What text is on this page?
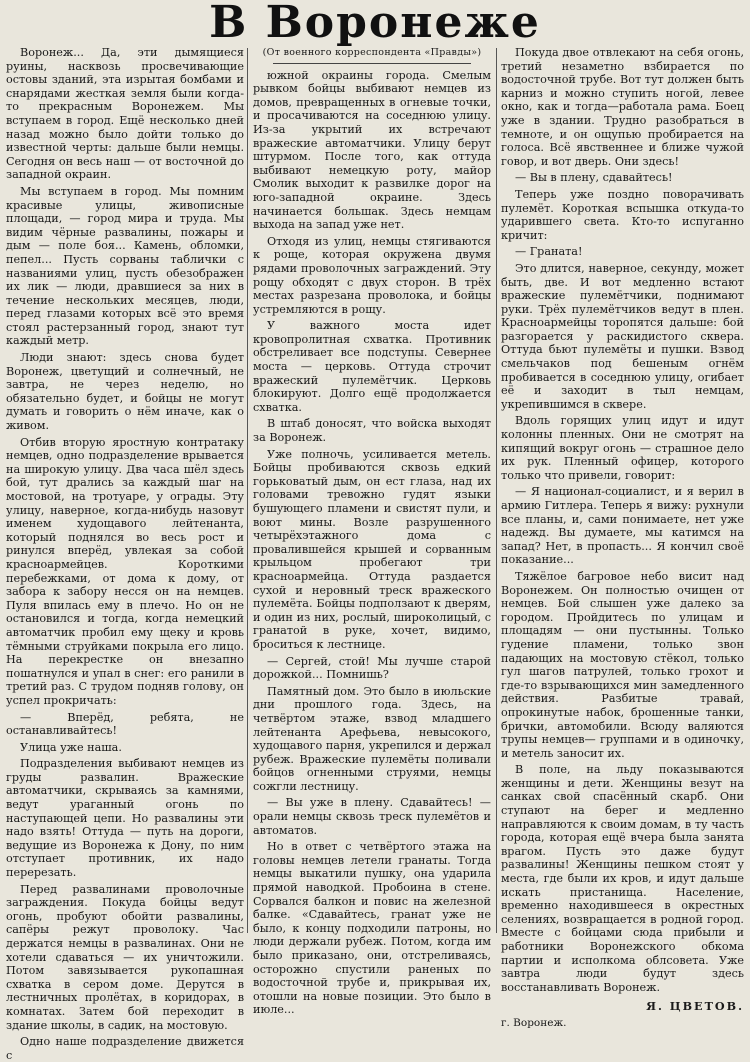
В Воронеже

Воронеж... Да, эти дымящиеся руины, насквозь просвечивающие остовы зданий, эта изрытая бомбами и снарядами жесткая земля были когда-то прекрасным Воронежем. Мы вступаем в город. Ещё несколько дней назад можно было дойти только до известной черты: дальше были немцы. Сегодня он весь наш — от восточной до западной окраин.

Мы вступаем в город. Мы помним красивые улицы, живописные площади, — город мира и труда. Мы видим чёрные развалины, пожары и дым — поле боя... Камень, обломки, пепел... Пусть сорваны таблички с названиями улиц, пусть обезображен их лик — люди, дравшиеся за них в течение нескольких месяцев, люди, перед глазами которых всё это время стоял растерзанный город, знают тут каждый метр.

Люди знают: здесь снова будет Воронеж, цветущий и солнечный, не завтра, не через неделю, но обязательно будет, и бойцы не могут думать и говорить о нём иначе, как о живом.

Отбив вторую яростную контратаку немцев, одно подразделение врывается на широкую улицу. Два часа шёл здесь бой, тут дрались за каждый шаг на мостовой, на тротуаре, у ограды. Эту улицу, наверное, когда-нибудь назовут именем худощавого лейтенанта, который поднялся во весь рост и ринулся вперёд, увлекая за собой красноармейцев. Короткими перебежками, от дома к дому, от забора к забору несся он на немцев. Пуля впилась ему в плечо. Но он не остановился и тогда, когда немецкий автоматчик пробил ему щеку и кровь тёмными струйками покрыла его лицо. На перекрестке он внезапно пошатнулся и упал в снег: его ранили в третий раз. С трудом подняв голову, он успел прокричать:

— Вперёд, ребята, не останавливайтесь!

Улица уже наша.

Подразделения выбивают немцев из груды развалин. Вражеские автоматчики, скрываясь за камнями, ведут ураганный огонь по наступающей цепи. Но развалины эти надо взять! Оттуда — путь на дороги, ведущие из Воронежа к Дону, по ним отступает противник, их надо перерезать.

Перед развалинами проволочные заграждения. Покуда бойцы ведут огонь, пробуют обойти развалины, сапёры режут проволоку. Час держатся немцы в развалинах. Они не хотели сдаваться — их уничтожили. Потом завязывается рукопашная схватка в сером доме. Дерутся в лестничных пролётах, в коридорах, в комнатах. Затем бой переходит в здание школы, в садик, на мостовую.

Одно наше подразделение движется с

(От военного корреспондента «Правды»)

южной окраины города. Смелым рывком бойцы выбивают немцев из домов, превращенных в огневые точки, и просачиваются на соседнюю улицу. Из-за укрытий их встречают вражеские автоматчики. Улицу берут штурмом. После того, как оттуда выбивают немецкую роту, майор Смолик выходит к развилке дорог на юго-западной окраине. Здесь начинается большак. Здесь немцам выхода на запад уже нет.

Отходя из улиц, немцы стягиваются к роще, которая окружена двумя рядами проволочных заграждений. Эту рощу обходят с двух сторон. В трёх местах разрезана проволока, и бойцы устремляются в рощу.

У важного моста идет кровопролитная схватка. Противник обстреливает все подступы. Севернее моста — церковь. Оттуда строчит вражеский пулемётчик. Церковь блокируют. Долго ещё продолжается схватка.

В штаб доносят, что войска выходят за Воронеж.

Уже полночь, усиливается метель. Бойцы пробиваются сквозь едкий горьковатый дым, он ест глаза, над их головами тревожно гудят языки бушующего пламени и свистят пули, и воют мины. Возле разрушенного четырёхэтажного дома с провалившейся крышей и сорванным крыльцом пробегают три красноармейца. Оттуда раздается сухой и неровный треск вражеского пулемёта. Бойцы подползают к дверям, и один из них, рослый, широколицый, с гранатой в руке, хочет, видимо, броситься к лестнице.

— Сергей, стой! Мы лучше старой дорожкой... Помнишь?

Памятный дом. Это было в июльские дни прошлого года. Здесь, на четвёртом этаже, взвод младшего лейтенанта Арефьева, невысокого, худощавого парня, укрепился и держал рубеж. Вражеские пулемёты поливали бойцов огненными струями, немцы сожгли лестницу.

— Вы уже в плену. Сдавайтесь! — орали немцы сквозь треск пулемётов и автоматов.

Но в ответ с четвёртого этажа на головы немцев летели гранаты. Тогда немцы выкатили пушку, она ударила прямой наводкой. Пробоина в стене. Сорвался балкон и повис на железной балке. «Сдавайтесь, гранат уже не было, к концу подходили патроны, но люди держали рубеж. Потом, когда им было приказано, они, отстреливаясь, осторожно спустили раненых по водосточной трубе и, прикрывая их, отошли на новые позиции. Это было в июле...

Покуда двое отвлекают на себя огонь, третий незаметно взбирается по водосточной трубе. Вот тут должен быть карниз и можно ступить ногой, левее окно, как и тогда—работала рама. Боец уже в здании. Трудно разобраться в темноте, и он ощупью пробирается на голоса. Всё явственнее и ближе чужой говор, и вот дверь. Они здесь!

— Вы в плену, сдавайтесь!

Теперь уже поздно поворачивать пулемёт. Короткая вспышка откуда-то ударившего света. Кто-то испуганно кричит:

— Граната!

Это длится, наверное, секунду, может быть, две. И вот медленно встают вражеские пулемётчики, поднимают руки. Трёх пулемётчиков ведут в плен. Красноармейцы торопятся дальше: бой разгорается у раскидистого сквера. Оттуда бьют пулемёты и пушки. Взвод смельчаков под бешеным огнём пробивается в соседнюю улицу, огибает её и заходит в тыл немцам, укрепившимся в сквере.

Вдоль горящих улиц идут и идут колонны пленных. Они не смотрят на кипящий вокруг огонь — страшное дело их рук. Пленный офицер, которого только что привели, говорит:

— Я национал-социалист, и я верил в армию Гитлера. Теперь я вижу: рухнули все планы, и, сами понимаете, нет уже надежд. Вы думаете, мы катимся на запад? Нет, в пропасть... Я кончил своё показание...

Тяжёлое багровое небо висит над Воронежем. Он полностью очищен от немцев. Бой слышен уже далеко за городом. Пройдитесь по улицам и площадям — они пустынны. Только гудение пламени, только звон падающих на мостовую стёкол, только гул шагов патрулей, только грохот и где-то взрывающихся мин замедленного действия. Разбитые травай, опрокинутые набок, брошенные танки, брички, автомобили. Всюду валяются трупы немцев— группами и в одиночку, и метель заносит их.

В поле, на льду показываются женщины и дети. Женщины везут на санках свой спасённый скарб. Они ступают на берег и медленно направляются к своим домам, в ту часть города, которая ещё вчера была занята врагом. Пусть это даже будут развалины! Женщины пешком стоят у места, где были их кров, и идут дальше искать пристанища. Население, временно находившееся в окрестных селениях, возвращается в родной город. Вместе с бойцами сюда прибыли и работники Воронежского обкома партии и исполкома облсовета. Уже завтра люди будут здесь восстанавливать Воронеж.

Я. ЦВЕТОВ.

г. Воронеж.
